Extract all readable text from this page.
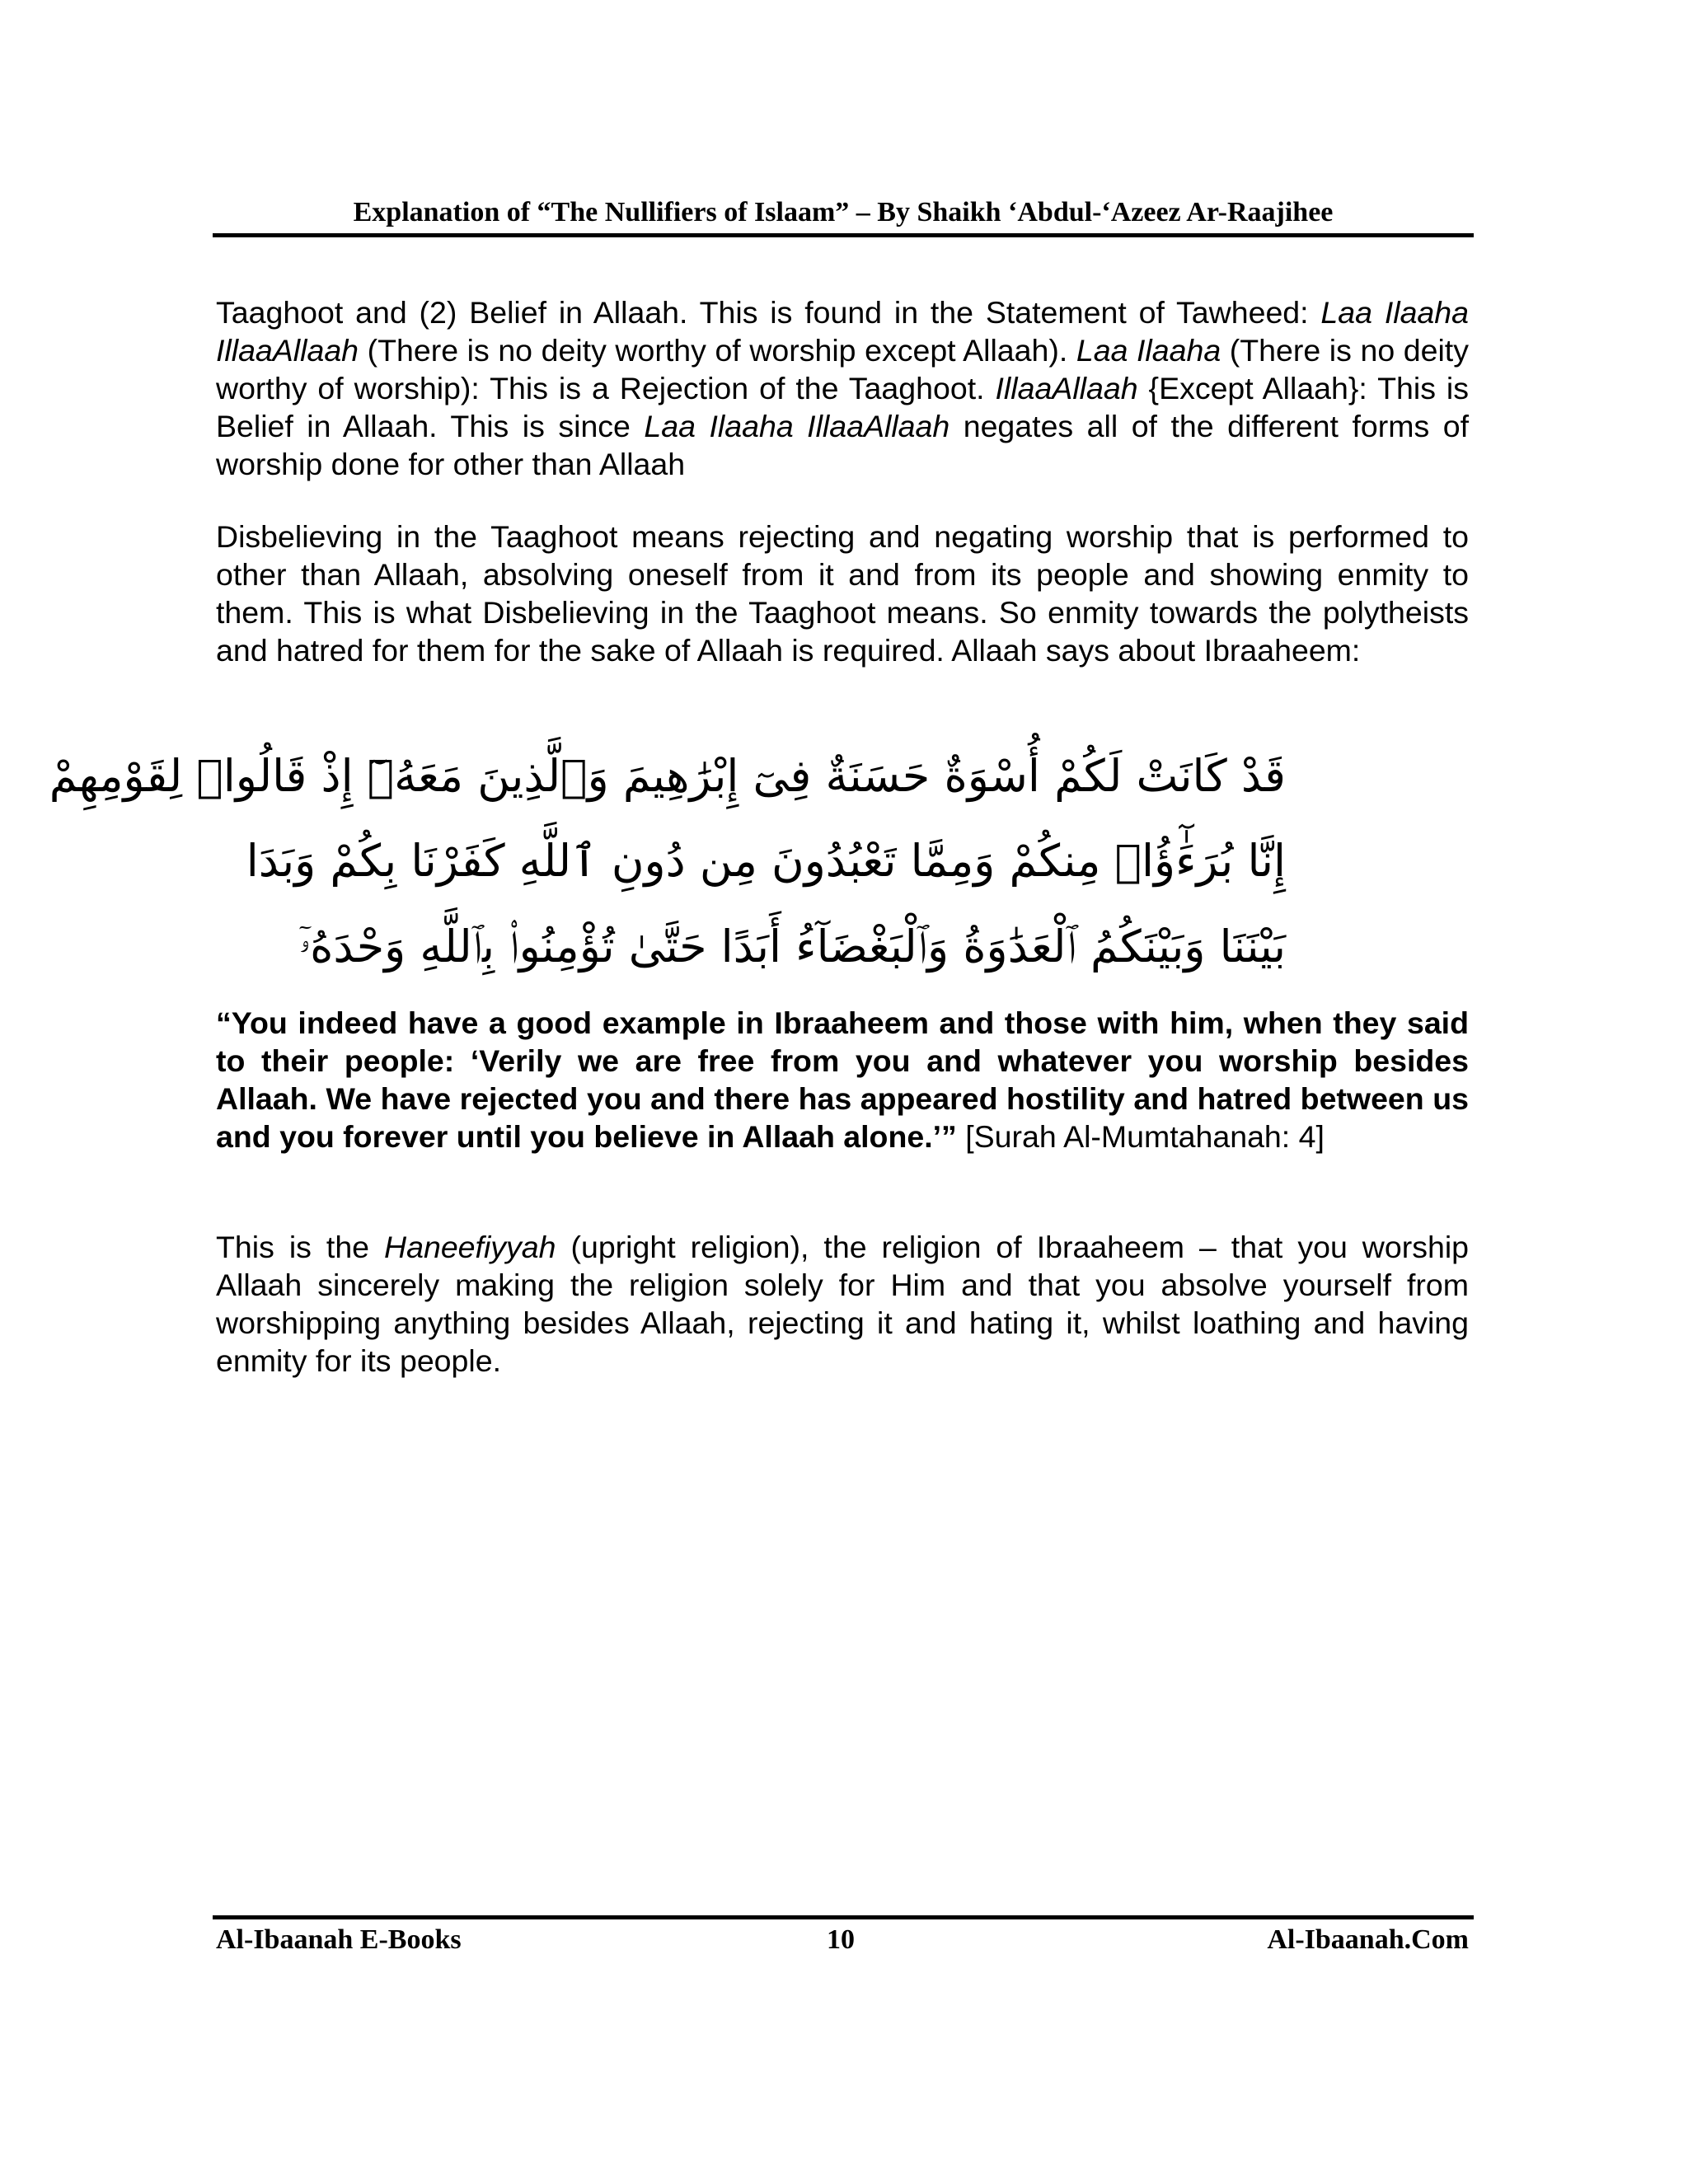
Explanation of “The Nullifiers of Islaam” – By Shaikh ‘Abdul-‘Azeez Ar-Raajihee

Taaghoot and (2) Belief in Allaah. This is found in the Statement of Tawheed: Laa Ilaaha IllaaAllaah (There is no deity worthy of worship except Allaah). Laa Ilaaha (There is no deity worthy of worship): This is a Rejection of the Taaghoot. IllaaAllaah {Except Allaah}: This is Belief in Allaah. This is since Laa Ilaaha IllaaAllaah negates all of the different forms of worship done for other than Allaah

Disbelieving in the Taaghoot means rejecting and negating worship that is performed to other than Allaah, absolving oneself from it and from its people and showing enmity to them. This is what Disbelieving in the Taaghoot means. So enmity towards the polytheists and hatred for them for the sake of Allaah is required. Allaah says about Ibraaheem:

قَدْ كَانَتْ لَكُمْ أُسْوَةٌ حَسَنَةٌ فِىٓ إِبْرَٰهِيمَ وَٱلَّذِينَ مَعَهُۥٓ إِذْ قَالُوا۟ لِقَوْمِهِمْ
إِنَّا بُرَءَٰٓؤُا۟ مِنكُمْ وَمِمَّا تَعْبُدُونَ مِن دُونِ ٱللَّهِ كَفَرْنَا بِكُمْ وَبَدَا
بَيْنَنَا وَبَيْنَكُمُ ٱلْعَدَٰوَةُ وَٱلْبَغْضَآءُ أَبَدًا حَتَّىٰ تُؤْمِنُوا۟ بِٱللَّهِ وَحْدَهُۥٓ

“You indeed have a good example in Ibraaheem and those with him, when they said to their people: ‘Verily we are free from you and whatever you worship besides Allaah. We have rejected you and there has appeared hostility and hatred between us and you forever until you believe in Allaah alone.’” [Surah Al-Mumtahanah: 4]

This is the Haneefiyyah (upright religion), the religion of Ibraaheem – that you worship Allaah sincerely making the religion solely for Him and that you absolve yourself from worshipping anything besides Allaah, rejecting it and hating it, whilst loathing and having enmity for its people.

Al-Ibaanah E-Books	10	Al-Ibaanah.Com
